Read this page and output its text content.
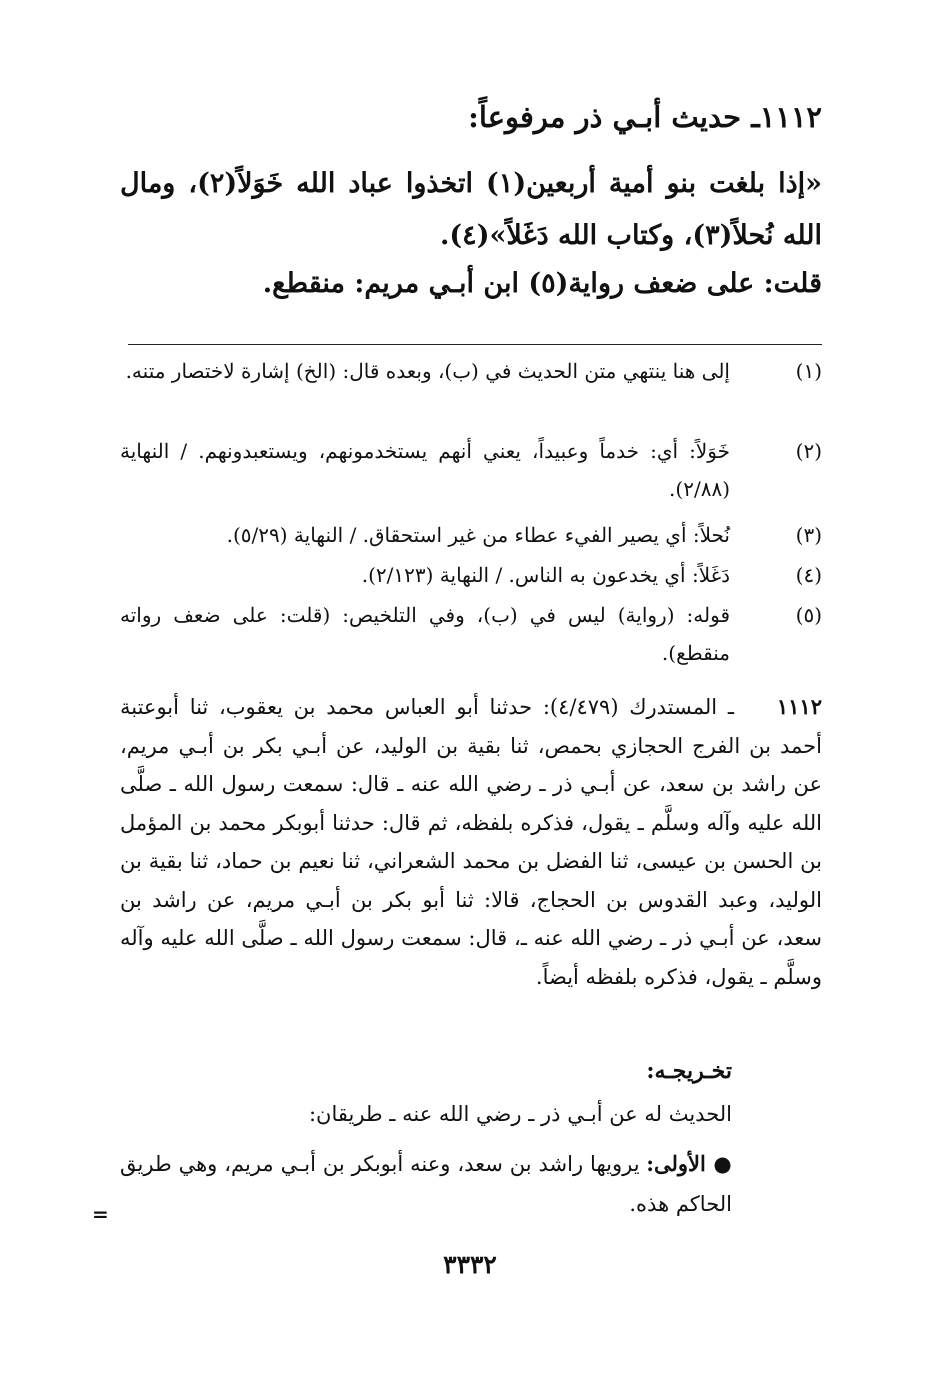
١١١٢ـ حديث أبـي ذر مرفوعاً:
«إذا بلغت بنو أمية أربعين(١) اتخذوا عباد الله خَوَلاً(٢)، ومال الله نُحلاً(٣)، وكتاب الله دَغَلاً»(٤).
قلت: على ضعف رواية(٥) ابن أبـي مريم: منقطع.
(١)
إلى هنا ينتهي متن الحديث في (ب)، وبعده قال: (الخ) إشارة لاختصار متنه.
(٢)
خَوَلاً: أي: خدماً وعبيداً، يعني أنهم يستخدمونهم، ويستعبدونهم. / النهاية (٢/٨٨).
(٣)
نُحلاً: أي يصير الفيء عطاء من غير استحقاق. / النهاية (٥/٢٩).
(٤)
دَغَلاً: أي يخدعون به الناس. / النهاية (٢/١٢٣).
(٥)
قوله: (رواية) ليس في (ب)، وفي التلخيص: (قلت: على ضعف رواته منقطع).
١١١٢
ـ المستدرك (٤/٤٧٩): حدثنا أبو العباس محمد بن يعقوب، ثنا أبوعتبة أحمد بن الفرج الحجازي بحمص، ثنا بقية بن الوليد، عن أبـي بكر بن أبـي مريم، عن راشد بن سعد، عن أبـي ذر ـ رضي الله عنه ـ قال: سمعت رسول الله ـ صلَّى الله عليه وآله وسلَّم ـ يقول، فذكره بلفظه، ثم قال: حدثنا أبوبكر محمد بن المؤمل بن الحسن بن عيسى، ثنا الفضل بن محمد الشعراني، ثنا نعيم بن حماد، ثنا بقية بن الوليد، وعبد القدوس بن الحجاج، قالا: ثنا أبو بكر بن أبـي مريم، عن راشد بن سعد، عن أبـي ذر ـ رضي الله عنه ـ، قال: سمعت رسول الله ـ صلَّى الله عليه وآله وسلَّم ـ يقول، فذكره بلفظه أيضاً.
تخـريجـه:
الحديث له عن أبـي ذر ـ رضي الله عنه ـ طريقان:
● الأولى: يرويها راشد بن سعد، وعنه أبوبكر بن أبـي مريم، وهي طريق الحاكم هذه.
=
٣٣٣٢
